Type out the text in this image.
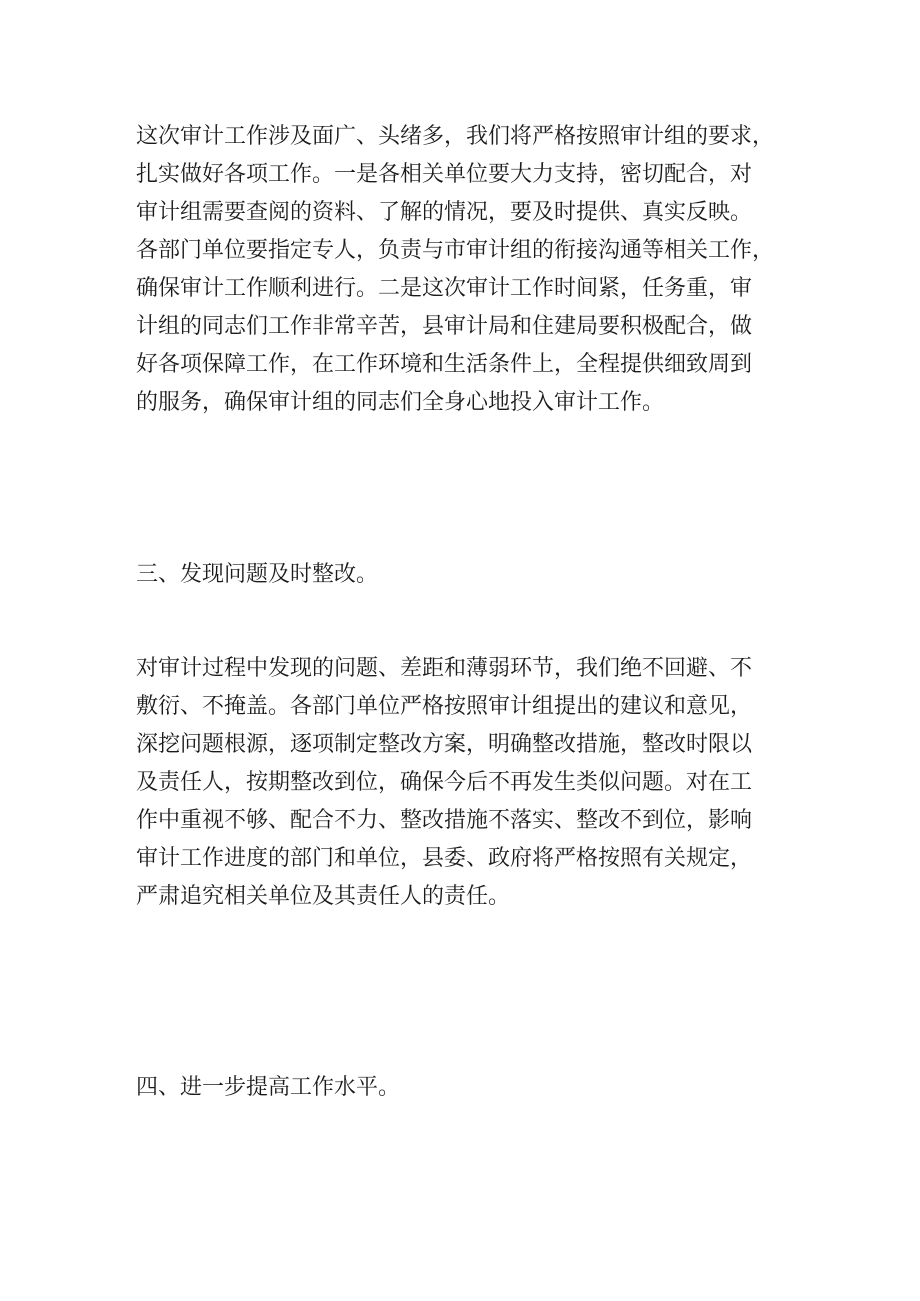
这次审计工作涉及面广、头绪多，我们将严格按照审计组的要求，
扎实做好各项工作。一是各相关单位要大力支持，密切配合，对
审计组需要查阅的资料、了解的情况，要及时提供、真实反映。
各部门单位要指定专人，负责与市审计组的衔接沟通等相关工作，
确保审计工作顺利进行。二是这次审计工作时间紧，任务重，审
计组的同志们工作非常辛苦，县审计局和住建局要积极配合，做
好各项保障工作，在工作环境和生活条件上，全程提供细致周到
的服务，确保审计组的同志们全身心地投入审计工作。
三、发现问题及时整改。
对审计过程中发现的问题、差距和薄弱环节，我们绝不回避、不
敷衍、不掩盖。各部门单位严格按照审计组提出的建议和意见，
深挖问题根源，逐项制定整改方案，明确整改措施，整改时限以
及责任人，按期整改到位，确保今后不再发生类似问题。对在工
作中重视不够、配合不力、整改措施不落实、整改不到位，影响
审计工作进度的部门和单位，县委、政府将严格按照有关规定，
严肃追究相关单位及其责任人的责任。
四、进一步提高工作水平。
